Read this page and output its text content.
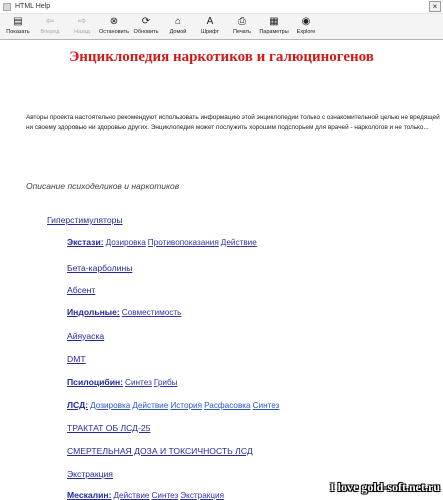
HTML Help	×
▤
Показать
⇦
Вперед
⇨
Назад
⊗
Остановить
⟳
Обновить
⌂
Домой
A
Шрифт
⎙
Печать
▦
Параметры
◉
Explore
Энциклопедия наркотиков и галюциногенов
Авторы проекта настоятельно рекомендуют использовать информацию этой энциклопедии только с ознакомительной целью не вредящей ни своему здоровью ни здоровью других. Энциклопедия может послужить хорошим подспорьем для врачей - наркологов и не только...
Описание психоделиков и наркотиков
Гиперстимуляторы
Экстази: Дозировка Противопоказания Действие
Бета-карболины
Абсент
Индольные: Совместимость
Айяуаска
DMT
Псилоцибин: Синтез Грибы
ЛСД: Дозировка Действие История Расфасовка Синтез
ТРАКТАТ ОБ ЛСД-25
СМЕРТЕЛЬНАЯ ДОЗА И ТОКСИЧНОСТЬ ЛСД
Экстракция
Мескалин: Действие Синтез Экстракция
I love gold-soft.net.ru
